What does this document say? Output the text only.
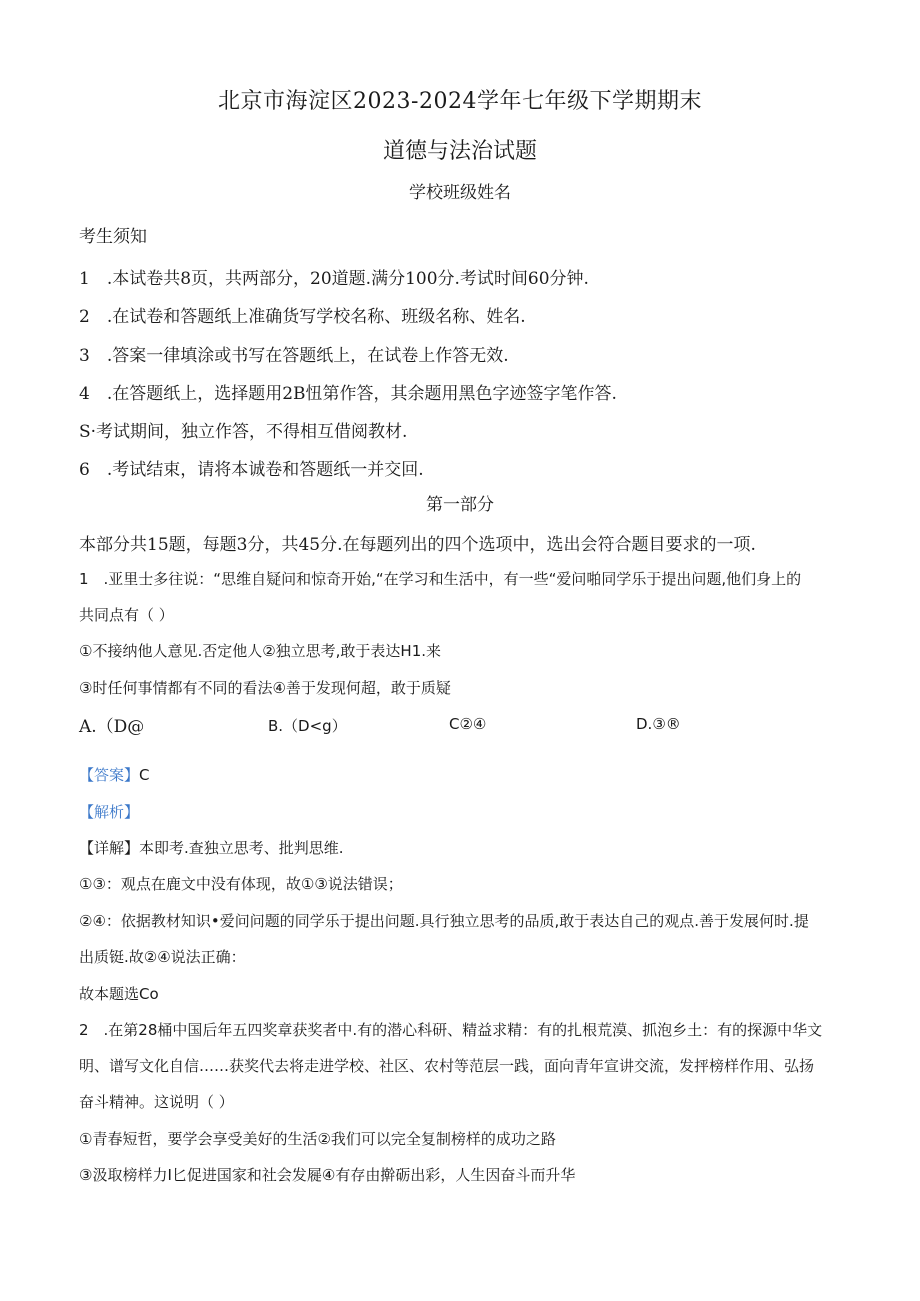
北京市海淀区2023-2024学年七年级下学期期末
道德与法治试题
学校班级姓名
考生须知
1　.本试卷共8页，共两部分，20道题.满分100分.考试时间60分钟.
2　.在试卷和答题纸上准确货写学校名称、班级名称、姓名.
3　.答案一律填涂或书写在答题纸上，在试卷上作答无效.
4　.在答题纸上，选择题用2B忸第作答，其余题用黑色字迹签字笔作答.
S·考试期间，独立作答，不得相互借阅教材.
6　.考试结束，请将本诚卷和答题纸一并交回.
第一部分
本部分共15题，每题3分，共45分.在每题列出的四个选项中，选出会符合题目要求的一项.
1　.亚里士多往说：“思维自疑问和惊奇开始,“在学习和生活中，有一些“爱问啪同学乐于提出问题,他们身上的
共同点有（ ）
①不接纳他人意见.否定他人②独立思考,敢于表达H1.来
③时任何事情都有不同的看法④善于发现何超，敢于质疑
A.（D@	B.（D<g）	C②④	D.③®
【答案】C
【解析】
【详解】本即考.查独立思考、批判思维.
①③：观点在鹿文中没有体现，故①③说法错误；
②④：依据教材知识•爱问问题的同学乐于提出问题.具行独立思考的品质,敢于表达自己的观点.善于发展何时.提
出质铤.故②④说法正确：
故本题选Co
2　.在第28桶中国后年五四奖章获奖者中.有的潜心科研、精益求精：有的扎根荒漠、抓泡乡土：有的探源中华文
明、谱写文化自信……获奖代去将走进学校、社区、农村等范层一践，面向青年宣讲交流，发抨榜样作用、弘扬
奋斗精神。这说明（ ）
①青春短哲，要学会享受美好的生活②我们可以完全复制榜样的成功之路
③汲取榜样力I匕促进国家和社会发屣④有存由擀砺出彩，人生因奋斗而升华
